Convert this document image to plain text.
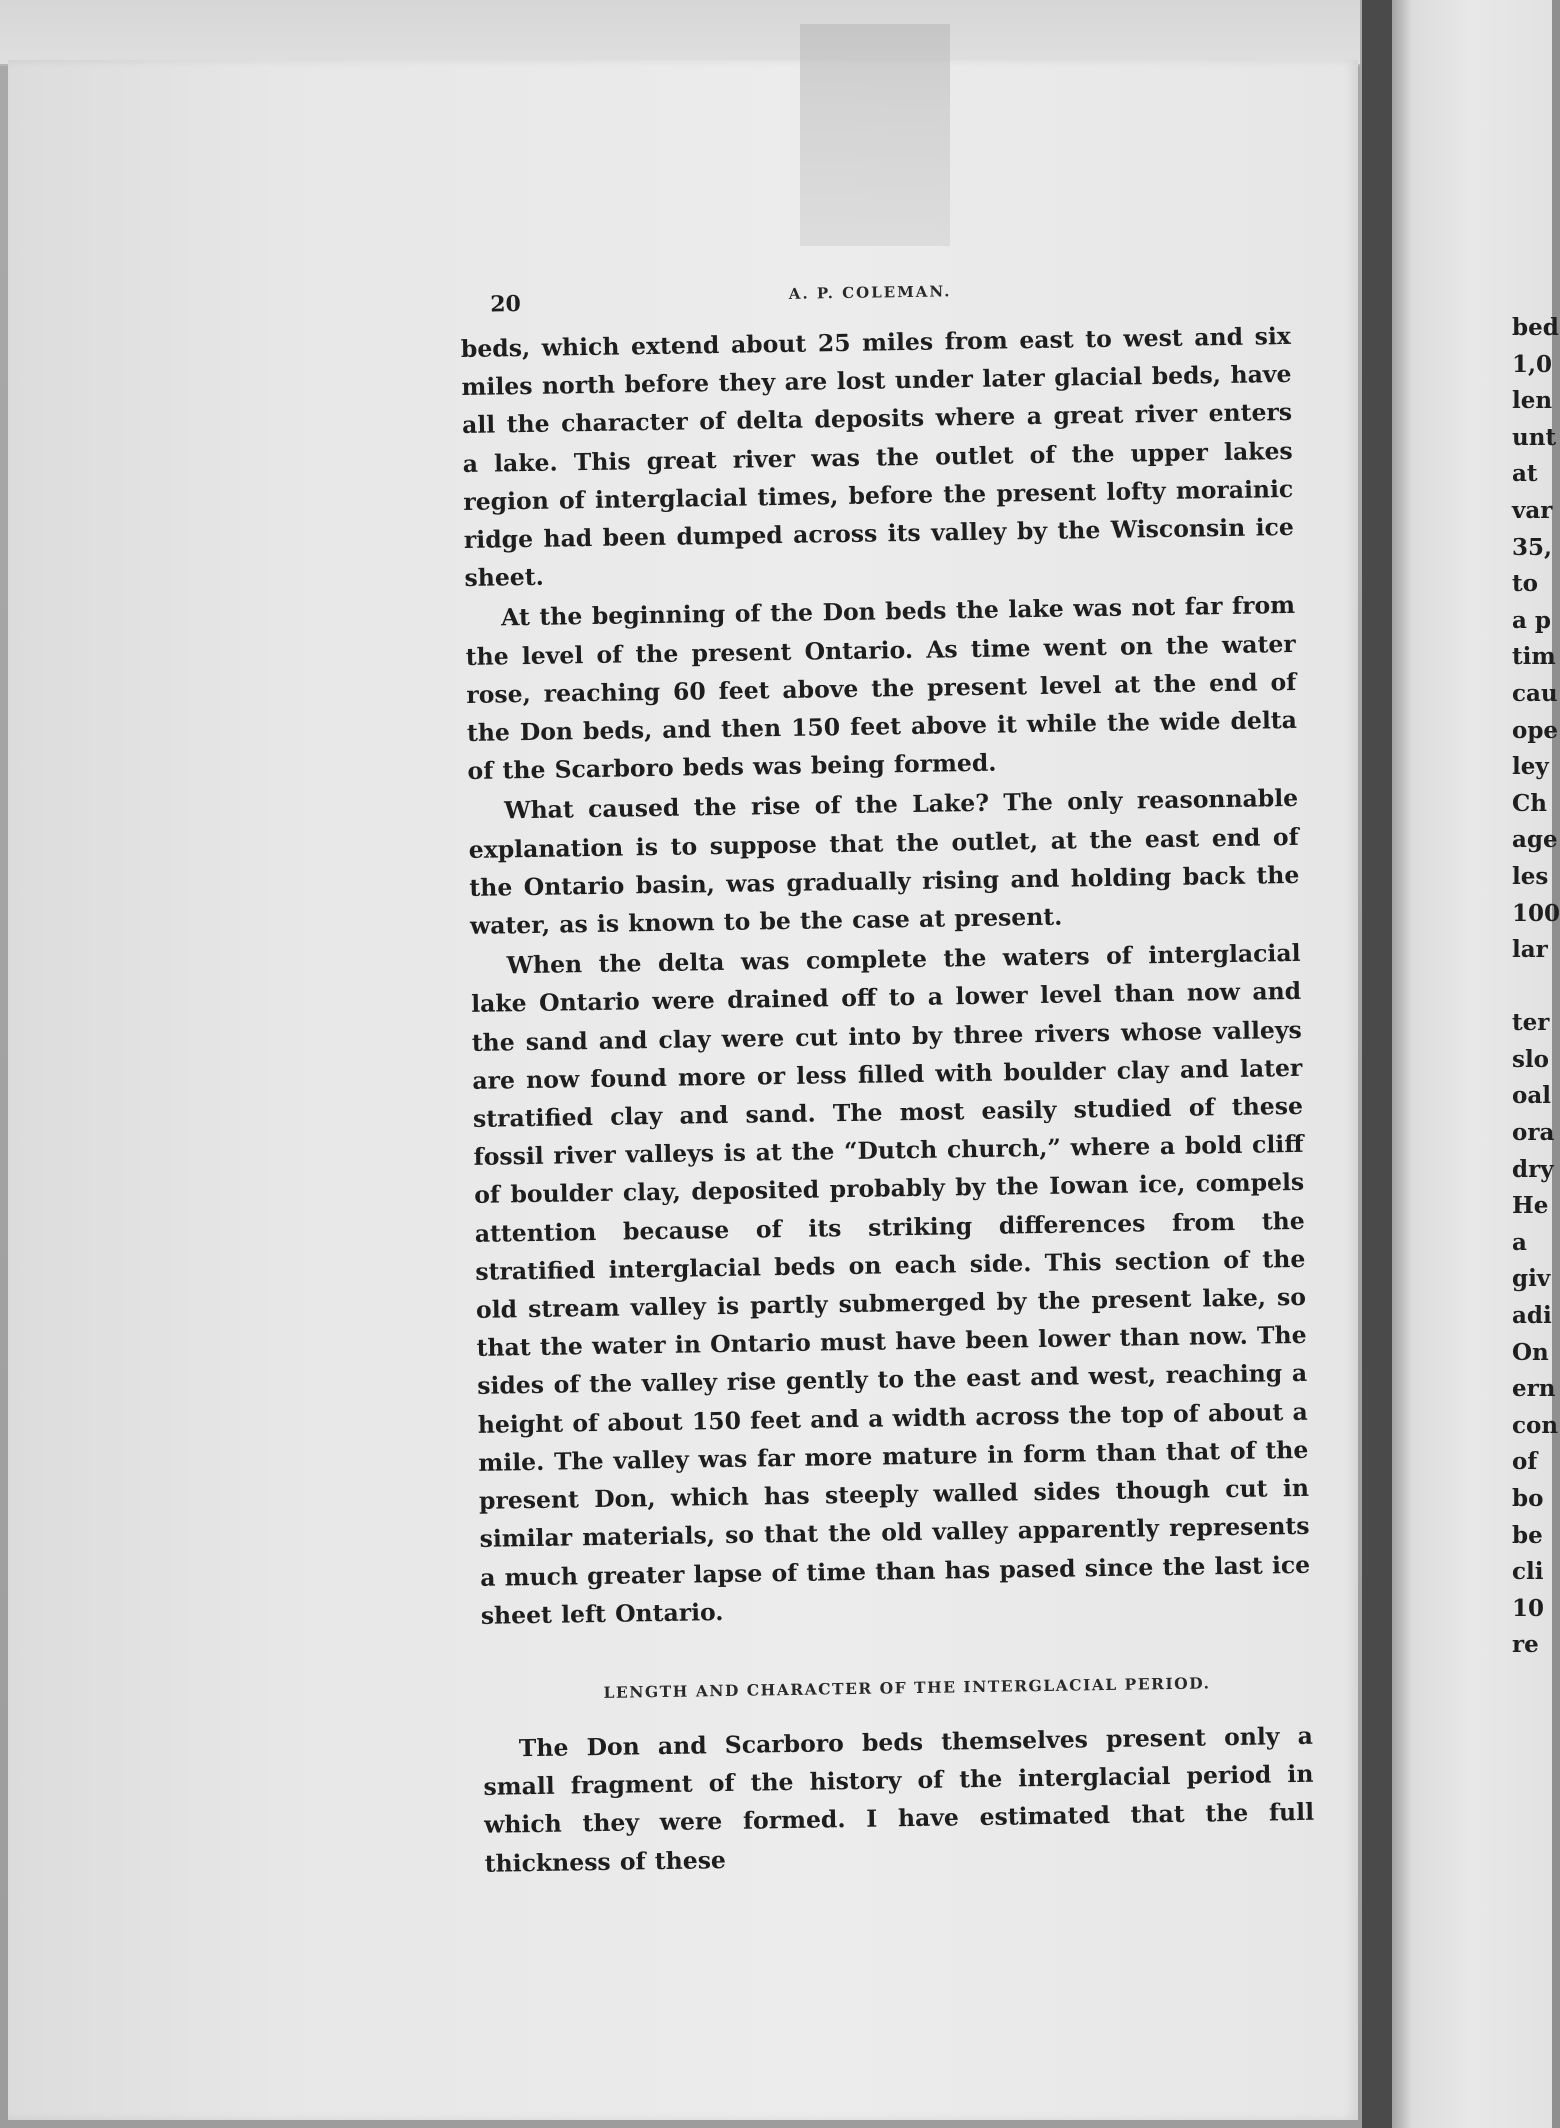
20	A. P. COLEMAN.

beds, which extend about 25 miles from east to west and six miles north before they are lost under later glacial beds, have all the character of delta deposits where a great river enters a lake. This great river was the outlet of the upper lakes region of interglacial times, before the present lofty morainic ridge had been dumped across its valley by the Wisconsin ice sheet.

At the beginning of the Don beds the lake was not far from the level of the present Ontario. As time went on the water rose, reaching 60 feet above the present level at the end of the Don beds, and then 150 feet above it while the wide delta of the Scarboro beds was being formed.

What caused the rise of the Lake? The only reasonnable explanation is to suppose that the outlet, at the east end of the Ontario basin, was gradually rising and holding back the water, as is known to be the case at present.

When the delta was complete the waters of interglacial lake Ontario were drained off to a lower level than now and the sand and clay were cut into by three rivers whose valleys are now found more or less filled with boulder clay and later stratified clay and sand. The most easily studied of these fossil river valleys is at the “Dutch church,” where a bold cliff of boulder clay, deposited probably by the Iowan ice, compels attention because of its striking differences from the stratified interglacial beds on each side. This section of the old stream valley is partly submerged by the present lake, so that the water in Ontario must have been lower than now. The sides of the valley rise gently to the east and west, reaching a height of about 150 feet and a width across the top of about a mile. The valley was far more mature in form than that of the present Don, which has steeply walled sides though cut in similar materials, so that the old valley apparently represents a much greater lapse of time than has pased since the last ice sheet left Ontario.

LENGTH AND CHARACTER OF THE INTERGLACIAL PERIOD.

The Don and Scarboro beds themselves present only a small fragment of the history of the interglacial period in which they were formed. I have estimated that the full thickness of these

bed
1,0
len
unt
at
var
35,
to
a p
tim
cau
ope
ley
Ch
age
les
100
lar
ter
slo
oal
ora
dry
He
a
giv
adi
On
ern
con
of
bo
be
cli
10
re
